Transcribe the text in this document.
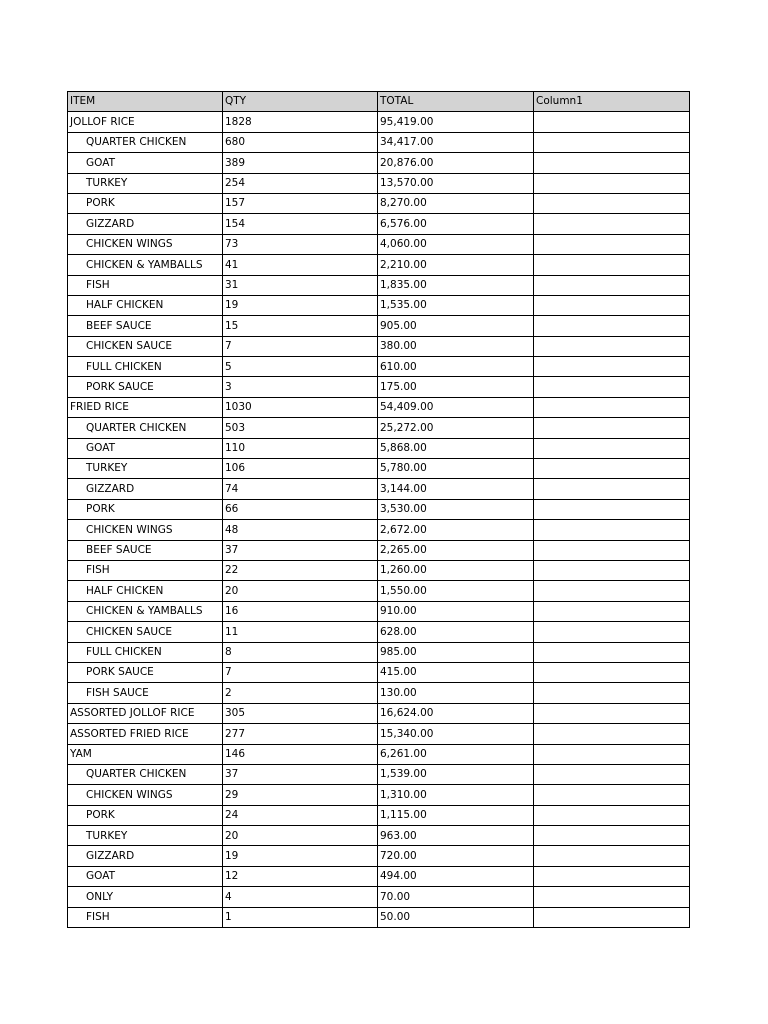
ITEM	QTY	TOTAL	Column1
JOLLOF RICE	1828	95,419.00	
QUARTER CHICKEN	680	34,417.00	
GOAT	389	20,876.00	
TURKEY	254	13,570.00	
PORK	157	8,270.00	
GIZZARD	154	6,576.00	
CHICKEN WINGS	73	4,060.00	
CHICKEN & YAMBALLS	41	2,210.00	
FISH	31	1,835.00	
HALF CHICKEN	19	1,535.00	
BEEF SAUCE	15	905.00	
CHICKEN SAUCE	7	380.00	
FULL CHICKEN	5	610.00	
PORK SAUCE	3	175.00	
FRIED RICE	1030	54,409.00	
QUARTER CHICKEN	503	25,272.00	
GOAT	110	5,868.00	
TURKEY	106	5,780.00	
GIZZARD	74	3,144.00	
PORK	66	3,530.00	
CHICKEN WINGS	48	2,672.00	
BEEF SAUCE	37	2,265.00	
FISH	22	1,260.00	
HALF CHICKEN	20	1,550.00	
CHICKEN & YAMBALLS	16	910.00	
CHICKEN SAUCE	11	628.00	
FULL CHICKEN	8	985.00	
PORK SAUCE	7	415.00	
FISH SAUCE	2	130.00	
ASSORTED JOLLOF RICE	305	16,624.00	
ASSORTED FRIED RICE	277	15,340.00	
YAM	146	6,261.00	
QUARTER CHICKEN	37	1,539.00	
CHICKEN WINGS	29	1,310.00	
PORK	24	1,115.00	
TURKEY	20	963.00	
GIZZARD	19	720.00	
GOAT	12	494.00	
ONLY	4	70.00	
FISH	1	50.00	
